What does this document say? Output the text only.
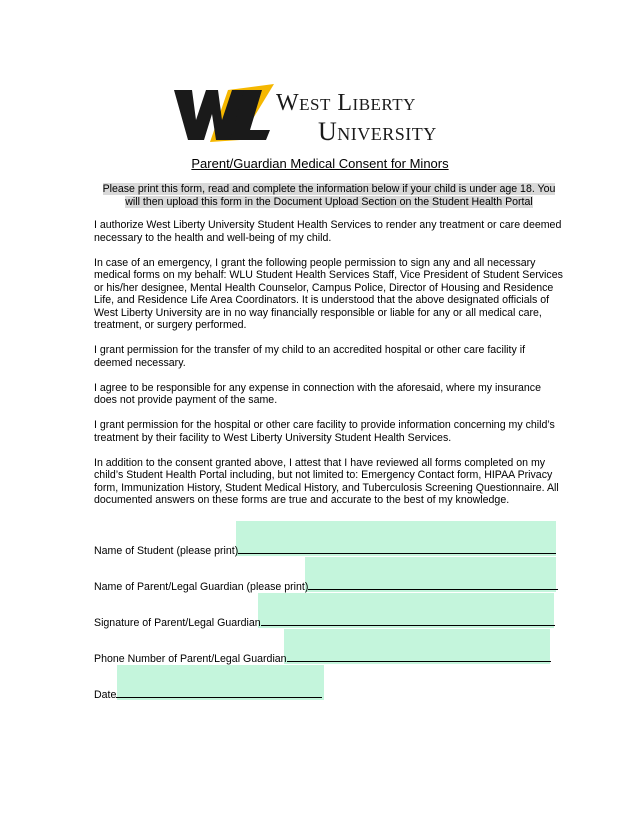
West Liberty
University
Parent/Guardian Medical Consent for Minors
Please print this form, read and complete the information below if your child is under age 18. You will then upload this form in the Document Upload Section on the Student Health Portal

I authorize West Liberty University Student Health Services to render any treatment or care deemed necessary to the health and well-being of my child.

In case of an emergency, I grant the following people permission to sign any and all necessary medical forms on my behalf: WLU Student Health Services Staff, Vice President of Student Services or his/her designee, Mental Health Counselor, Campus Police, Director of Housing and Residence Life, and Residence Life Area Coordinators. It is understood that the above designated officials of West Liberty University are in no way financially responsible or liable for any or all medical care, treatment, or surgery performed.

I grant permission for the transfer of my child to an accredited hospital or other care facility if deemed necessary.

I agree to be responsible for any expense in connection with the aforesaid, where my insurance does not provide payment of the same.

I grant permission for the hospital or other care facility to provide information concerning my child’s treatment by their facility to West Liberty University Student Health Services.

In addition to the consent granted above, I attest that I have reviewed all forms completed on my child’s Student Health Portal including, but not limited to: Emergency Contact form, HIPAA Privacy form, Immunization History, Student Medical History, and Tuberculosis Screening Questionnaire. All documented answers on these forms are true and accurate to the best of my knowledge.

Name of Student (please print)
Name of Parent/Legal Guardian (please print)
Signature of Parent/Legal Guardian
Phone Number of Parent/Legal Guardian
Date
